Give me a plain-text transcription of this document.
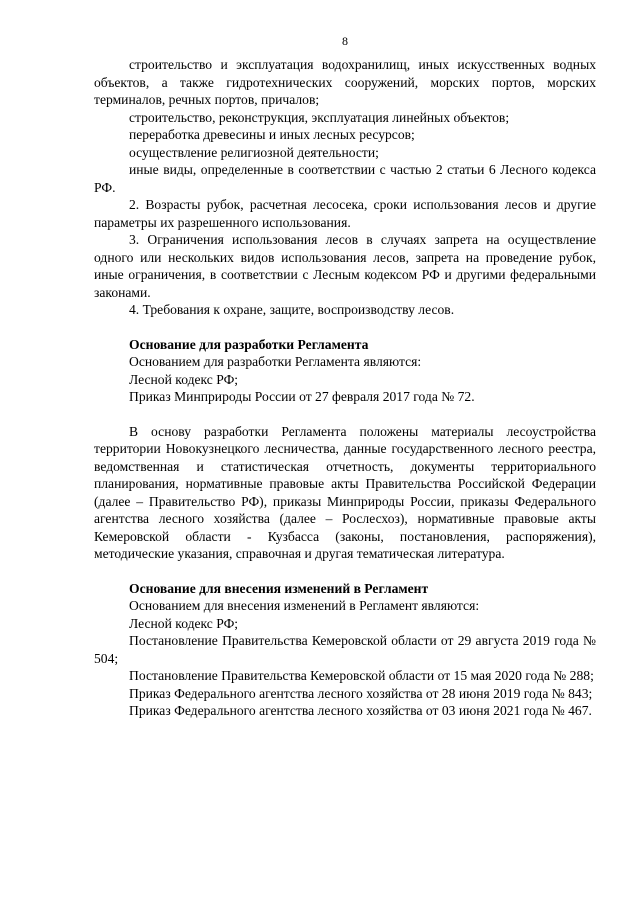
8

строительство и эксплуатация водохранилищ, иных искусственных водных объектов, а также гидротехнических сооружений, морских портов, морских терминалов, речных портов, причалов;

строительство, реконструкция, эксплуатация линейных объектов;

переработка древесины и иных лесных ресурсов;

осуществление религиозной деятельности;

иные виды, определенные в соответствии с частью 2 статьи 6 Лесного кодекса РФ.

2. Возрасты рубок, расчетная лесосека, сроки использования лесов и другие параметры их разрешенного использования.

3. Ограничения использования лесов в случаях запрета на осуществление одного или нескольких видов использования лесов, запрета на проведение рубок, иные ограничения, в соответствии с Лесным кодексом РФ и другими федеральными законами.

4. Требования к охране, защите, воспроизводству лесов.

Основание для разработки Регламента

Основанием для разработки Регламента являются:

Лесной кодекс РФ;

Приказ Минприроды России от 27 февраля 2017 года № 72.

В основу разработки Регламента положены материалы лесоустройства территории Новокузнецкого лесничества, данные государственного лесного реестра, ведомственная и статистическая отчетность, документы территориального планирования, нормативные правовые акты Правительства Российской Федерации (далее – Правительство РФ), приказы Минприроды России, приказы Федерального агентства лесного хозяйства (далее – Рослесхоз), нормативные правовые акты Кемеровской области - Кузбасса (законы, постановления, распоряжения), методические указания, справочная и другая тематическая литература.

Основание для внесения изменений в Регламент

Основанием для внесения изменений в Регламент являются:

Лесной кодекс РФ;

Постановление Правительства Кемеровской области от 29 августа 2019 года № 504;

Постановление Правительства Кемеровской области от 15 мая 2020 года № 288;

Приказ Федерального агентства лесного хозяйства от 28 июня 2019 года № 843;

Приказ Федерального агентства лесного хозяйства от 03 июня 2021 года № 467.
